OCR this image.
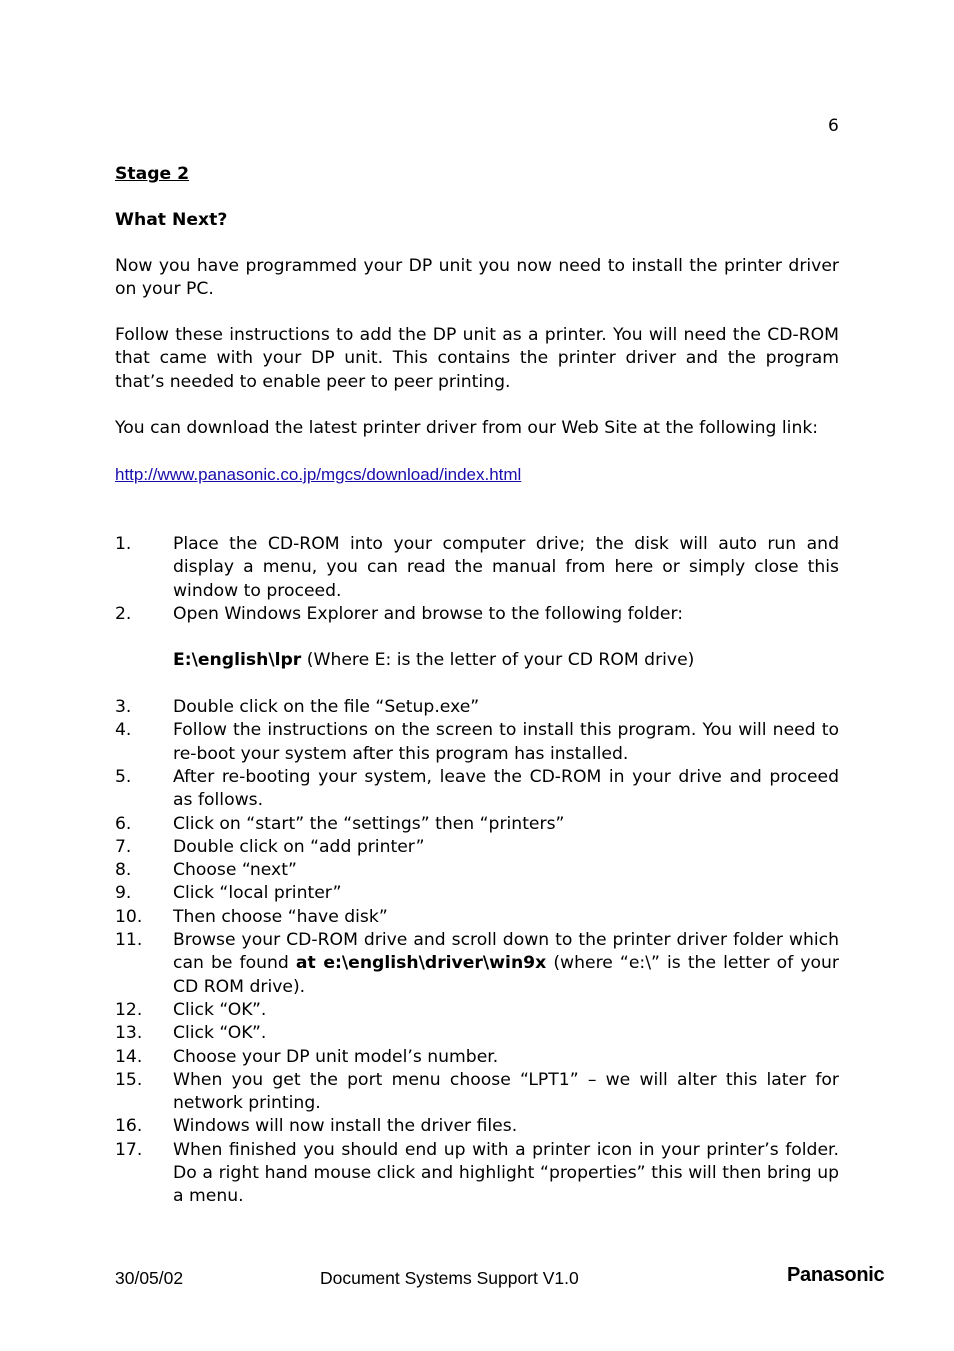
6
Stage 2
What Next?

Now you have programmed your DP unit you now need to install the printer driver on your PC.

Follow these instructions to add the DP unit as a printer. You will need the CD-ROM that came with your DP unit. This contains the printer driver and the program that’s needed to enable peer to peer printing.

You can download the latest printer driver from our Web Site at the following link:

http://www.panasonic.co.jp/mgcs/download/index.html
1. Place the CD-ROM into your computer drive; the disk will auto run and display a menu, you can read the manual from here or simply close this window to proceed.
2. Open Windows Explorer and browse to the following folder:
E:\english\lpr (Where E: is the letter of your CD ROM drive)
3. Double click on the file “Setup.exe”
4. Follow the instructions on the screen to install this program. You will need to re-boot your system after this program has installed.
5. After re-booting your system, leave the CD-ROM in your drive and proceed as follows.
6. Click on “start” the “settings” then “printers”
7. Double click on “add printer”
8. Choose “next”
9. Click “local printer”
10. Then choose “have disk”
11. Browse your CD-ROM drive and scroll down to the printer driver folder which can be found at e:\english\driver\win9x (where “e:\” is the letter of your CD ROM drive).
12. Click “OK”.
13. Click “OK”.
14. Choose your DP unit model’s number.
15. When you get the port menu choose “LPT1” – we will alter this later for network printing.
16. Windows will now install the driver files.
17. When finished you should end up with a printer icon in your printer’s folder. Do a right hand mouse click and highlight “properties” this will then bring up a menu.
30/05/02	Document Systems Support V1.0	Panasonic
